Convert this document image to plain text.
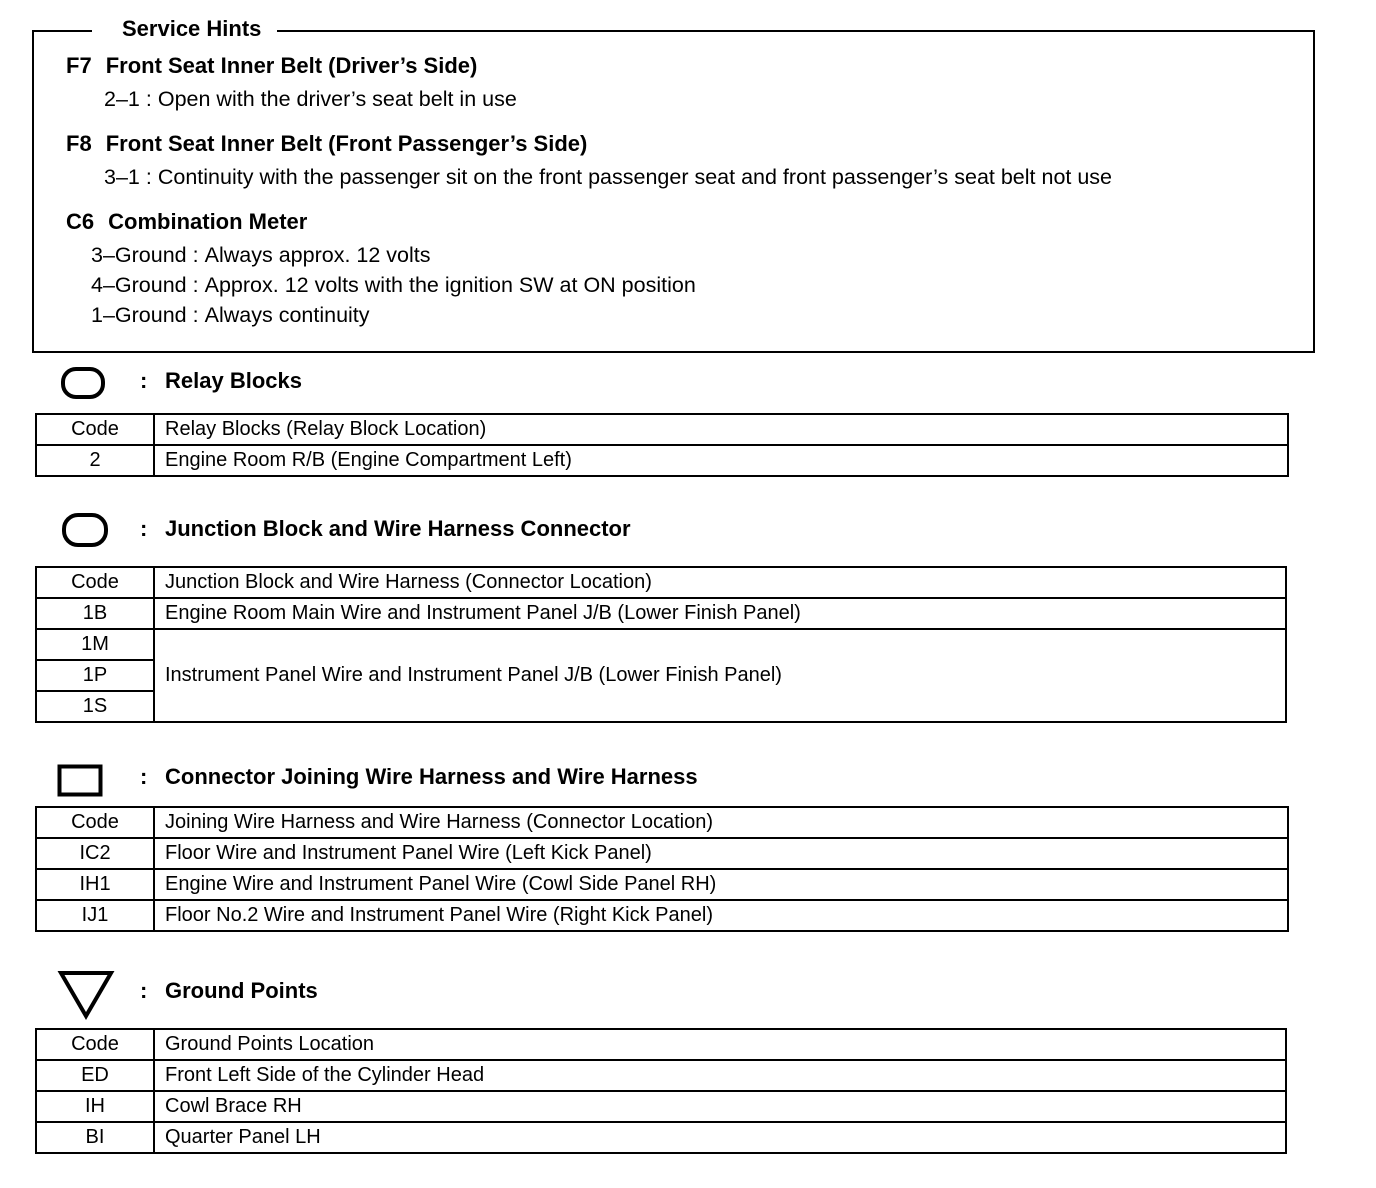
Service Hints
F7 Front Seat Inner Belt (Driver’s Side)
2–1 : Open with the driver’s seat belt in use
F8 Front Seat Inner Belt (Front Passenger’s Side)
3–1 : Continuity with the passenger sit on the front passenger seat and front passenger’s seat belt not use
C6 Combination Meter
3–Ground : Always approx. 12 volts
4–Ground : Approx. 12 volts with the ignition SW at ON position
1–Ground : Always continuity
: Relay Blocks
Code	Relay Blocks (Relay Block Location)
2	Engine Room R/B (Engine Compartment Left)
: Junction Block and Wire Harness Connector
Code	Junction Block and Wire Harness (Connector Location)
1B	Engine Room Main Wire and Instrument Panel J/B (Lower Finish Panel)
1M	Instrument Panel Wire and Instrument Panel J/B (Lower Finish Panel)
1P	
1S	
: Connector Joining Wire Harness and Wire Harness
Code	Joining Wire Harness and Wire Harness (Connector Location)
IC2	Floor Wire and Instrument Panel Wire (Left Kick Panel)
IH1	Engine Wire and Instrument Panel Wire (Cowl Side Panel RH)
IJ1	Floor No.2 Wire and Instrument Panel Wire (Right Kick Panel)
: Ground Points
Code	Ground Points Location
ED	Front Left Side of the Cylinder Head
IH	Cowl Brace RH
BI	Quarter Panel LH
